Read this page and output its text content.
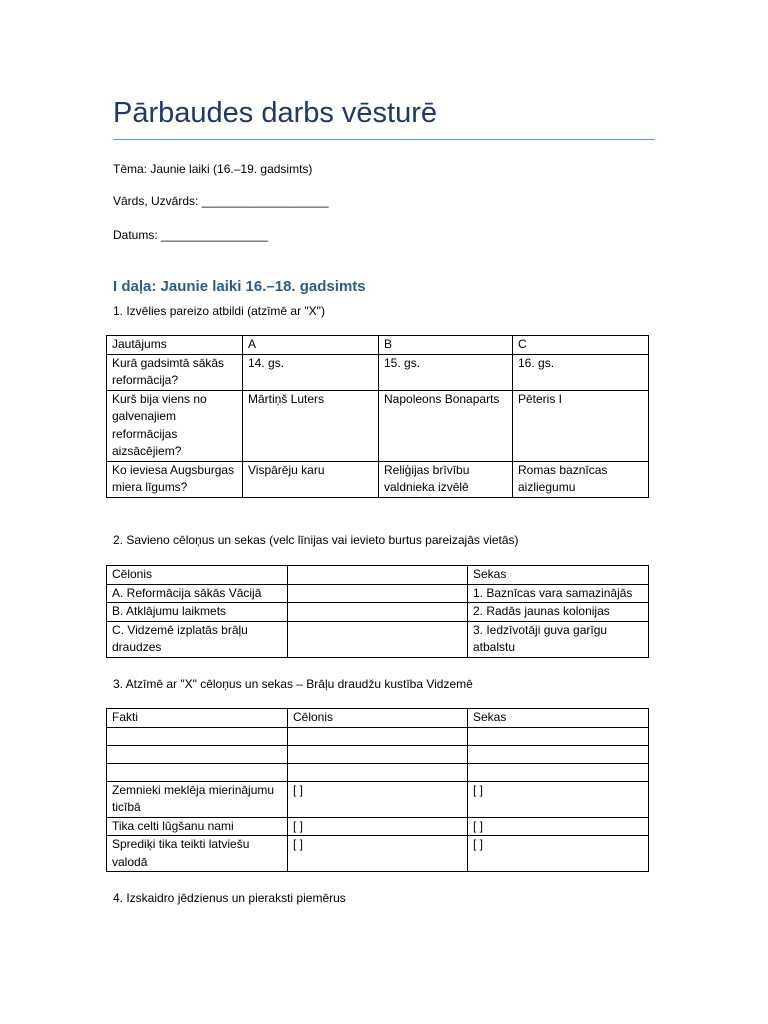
Pārbaudes darbs vēsturē
Tēma: Jaunie laiki (16.–19. gadsimts)
Vārds, Uzvārds: ___________________
Datums: ________________
I daļa: Jaunie laiki 16.–18. gadsimts
1. Izvēlies pareizo atbildi (atzīmē ar "X")
Jautājums	A	B	C
Kurā gadsimtā sākās reformācija?	14. gs.	15. gs.	16. gs.
Kurš bija viens no galvenajiem reformācijas aizsācējiem?	Mārtiņš Luters	Napoleons Bonaparts	Pēteris I
Ko ieviesa Augsburgas miera līgums?	Vispārēju karu	Reliģijas brīvību valdnieka izvēlē	Romas baznīcas aizliegumu
2. Savieno cēloņus un sekas (velc līnijas vai ievieto burtus pareizajās vietās)
Cēlonis		Sekas
A. Reformācija sākās Vācijā		1. Baznīcas vara samazinājās
B. Atklājumu laikmets		2. Radās jaunas kolonijas
C. Vidzemē izplatās brāļu draudzes		3. Iedzīvotāji guva garīgu atbalstu
3. Atzīmē ar "X" cēloņus un sekas – Brāļu draudžu kustība Vidzemē
Fakti	Cēlonis	Sekas

Zemnieki meklēja mierinājumu ticībā	[ ]	[ ]
Tika celti lūgšanu nami	[ ]	[ ]
Sprediķi tika teikti latviešu valodā	[ ]	[ ]
4. Izskaidro jēdzienus un pieraksti piemērus
